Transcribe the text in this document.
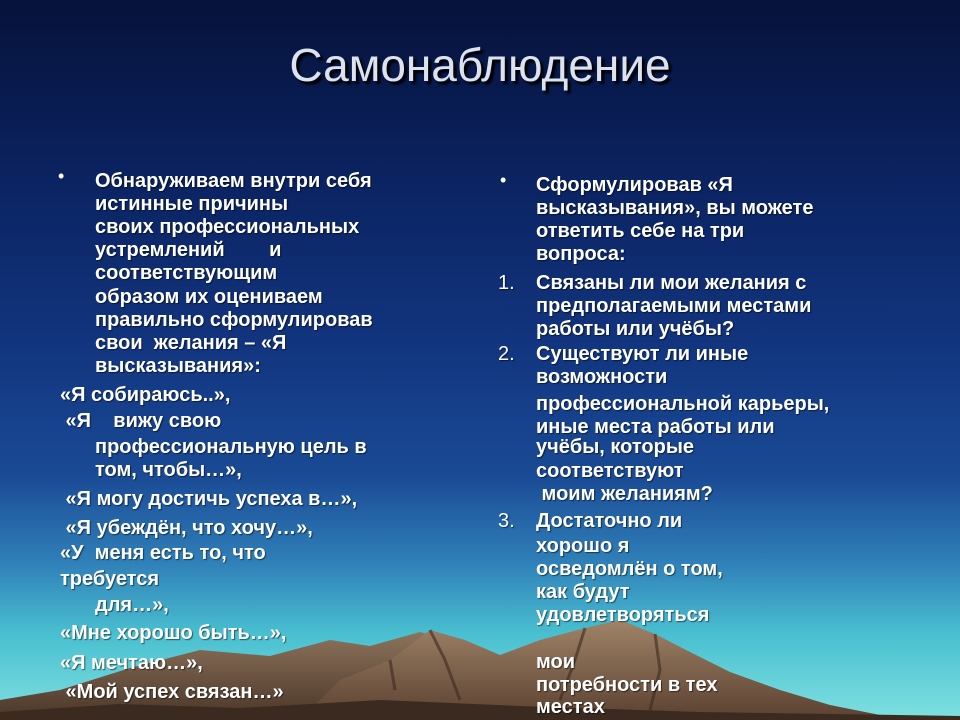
Самонаблюдение
• Обнаруживаем внутри себя
истинные причины
своих профессиональных
устремлений        и
соответствующим
образом их оцениваем
правильно сформулировав
свои  желания – «Я
высказывания»:
«Я собираюсь..»,
«Я    вижу свою
профессиональную цель в
том, чтобы…»,
«Я могу достичь успеха в…»,
«Я убеждён, что хочу…»,
«У  меня есть то, что
требуется
для…»,
«Мне хорошо быть…»,
«Я мечтаю…»,
«Мой успех связан…»
• Сформулировав «Я
высказывания», вы можете
ответить себе на три
вопроса:
1. Связаны ли мои желания с
предполагаемыми местами
работы или учёбы?
2. Существуют ли иные
возможности
профессиональной карьеры,
иные места работы или
учёбы, которые
соответствуют
моим желаниям?
3. Достаточно ли
хорошо я
осведомлён о том,
как будут
удовлетворяться
мои
потребности в тех
местах
